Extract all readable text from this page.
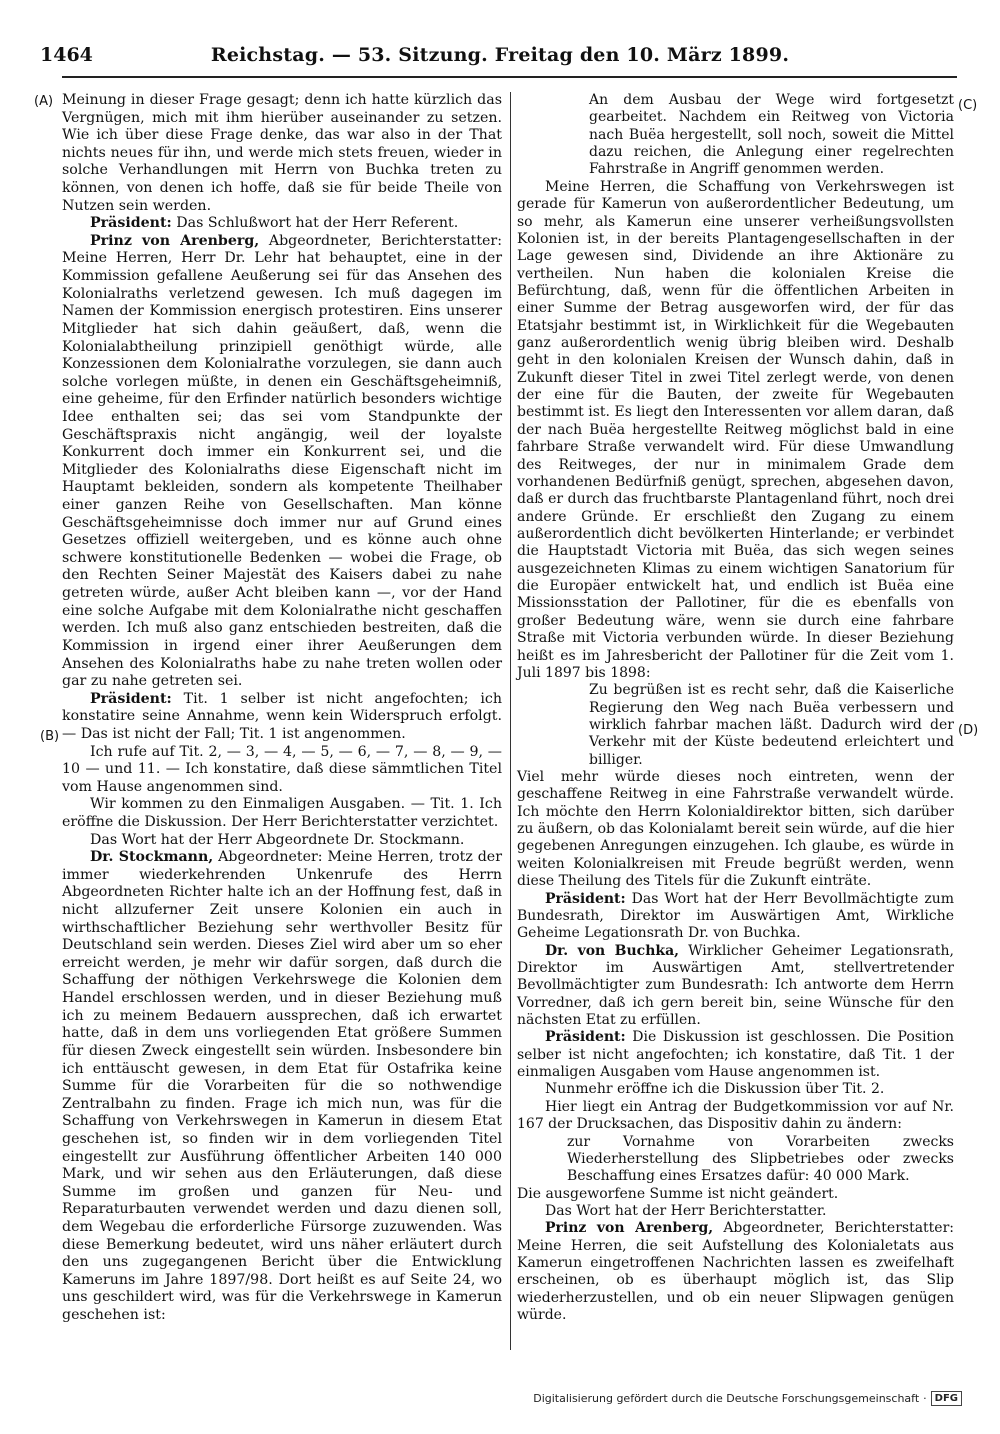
1464	Reichstag. — 53. Sitzung. Freitag den 10. März 1899.
(A)
(B)
(C)
(D)

Meinung in dieser Frage gesagt; denn ich hatte kürzlich das Vergnügen, mich mit ihm hierüber auseinander zu setzen. Wie ich über diese Frage denke, das war also in der That nichts neues für ihn, und werde mich stets freuen, wieder in solche Verhandlungen mit Herrn von Buchka treten zu können, von denen ich hoffe, daß sie für beide Theile von Nutzen sein werden.

Präsident: Das Schlußwort hat der Herr Referent.

Prinz von Arenberg, Abgeordneter, Berichterstatter: Meine Herren, Herr Dr. Lehr hat behauptet, eine in der Kommission gefallene Aeußerung sei für das Ansehen des Kolonialraths verletzend gewesen. Ich muß dagegen im Namen der Kommission energisch protestiren. Eins unserer Mitglieder hat sich dahin geäußert, daß, wenn die Kolonialabtheilung prinzipiell genöthigt würde, alle Konzessionen dem Kolonialrathe vorzulegen, sie dann auch solche vorlegen müßte, in denen ein Geschäftsgeheimniß, eine geheime, für den Erfinder natürlich besonders wichtige Idee enthalten sei; das sei vom Standpunkte der Geschäftspraxis nicht angängig, weil der loyalste Konkurrent doch immer ein Konkurrent sei, und die Mitglieder des Kolonialraths diese Eigenschaft nicht im Hauptamt bekleiden, sondern als kompetente Theilhaber einer ganzen Reihe von Gesellschaften. Man könne Geschäftsgeheimnisse doch immer nur auf Grund eines Gesetzes offiziell weitergeben, und es könne auch ohne schwere konstitutionelle Bedenken — wobei die Frage, ob den Rechten Seiner Majestät des Kaisers dabei zu nahe getreten würde, außer Acht bleiben kann —, vor der Hand eine solche Aufgabe mit dem Kolonialrathe nicht geschaffen werden. Ich muß also ganz entschieden bestreiten, daß die Kommission in irgend einer ihrer Aeußerungen dem Ansehen des Kolonialraths habe zu nahe treten wollen oder gar zu nahe getreten sei.

Präsident: Tit. 1 selber ist nicht angefochten; ich konstatire seine Annahme, wenn kein Widerspruch erfolgt. — Das ist nicht der Fall; Tit. 1 ist angenommen.

Ich rufe auf Tit. 2, — 3, — 4, — 5, — 6, — 7, — 8, — 9, — 10 — und 11. — Ich konstatire, daß diese sämmtlichen Titel vom Hause angenommen sind.

Wir kommen zu den Einmaligen Ausgaben. — Tit. 1. Ich eröffne die Diskussion. Der Herr Berichterstatter verzichtet.

Das Wort hat der Herr Abgeordnete Dr. Stockmann.

Dr. Stockmann, Abgeordneter: Meine Herren, trotz der immer wiederkehrenden Unkenrufe des Herrn Abgeordneten Richter halte ich an der Hoffnung fest, daß in nicht allzuferner Zeit unsere Kolonien ein auch in wirthschaftlicher Beziehung sehr werthvoller Besitz für Deutschland sein werden. Dieses Ziel wird aber um so eher erreicht werden, je mehr wir dafür sorgen, daß durch die Schaffung der nöthigen Verkehrswege die Kolonien dem Handel erschlossen werden, und in dieser Beziehung muß ich zu meinem Bedauern aussprechen, daß ich erwartet hatte, daß in dem uns vorliegenden Etat größere Summen für diesen Zweck eingestellt sein würden. Insbesondere bin ich enttäuscht gewesen, in dem Etat für Ostafrika keine Summe für die Vorarbeiten für die so nothwendige Zentralbahn zu finden. Frage ich mich nun, was für die Schaffung von Verkehrswegen in Kamerun in diesem Etat geschehen ist, so finden wir in dem vorliegenden Titel eingestellt zur Ausführung öffentlicher Arbeiten 140 000 Mark, und wir sehen aus den Erläuterungen, daß diese Summe im großen und ganzen für Neu- und Reparaturbauten verwendet werden und dazu dienen soll, dem Wegebau die erforderliche Fürsorge zuzuwenden. Was diese Bemerkung bedeutet, wird uns näher erläutert durch den uns zugegangenen Bericht über die Entwicklung Kameruns im Jahre 1897/98. Dort heißt es auf Seite 24, wo uns geschildert wird, was für die Verkehrswege in Kamerun geschehen ist:

An dem Ausbau der Wege wird fortgesetzt gearbeitet. Nachdem ein Reitweg von Victoria nach Buëa hergestellt, soll noch, soweit die Mittel dazu reichen, die Anlegung einer regelrechten Fahrstraße in Angriff genommen werden.

Meine Herren, die Schaffung von Verkehrswegen ist gerade für Kamerun von außerordentlicher Bedeutung, um so mehr, als Kamerun eine unserer verheißungsvollsten Kolonien ist, in der bereits Plantagengesellschaften in der Lage gewesen sind, Dividende an ihre Aktionäre zu vertheilen. Nun haben die kolonialen Kreise die Befürchtung, daß, wenn für die öffentlichen Arbeiten in einer Summe der Betrag ausgeworfen wird, der für das Etatsjahr bestimmt ist, in Wirklichkeit für die Wegebauten ganz außerordentlich wenig übrig bleiben wird. Deshalb geht in den kolonialen Kreisen der Wunsch dahin, daß in Zukunft dieser Titel in zwei Titel zerlegt werde, von denen der eine für die Bauten, der zweite für Wegebauten bestimmt ist. Es liegt den Interessenten vor allem daran, daß der nach Buëa hergestellte Reitweg möglichst bald in eine fahrbare Straße verwandelt wird. Für diese Umwandlung des Reitweges, der nur in minimalem Grade dem vorhandenen Bedürfniß genügt, sprechen, abgesehen davon, daß er durch das fruchtbarste Plantagenland führt, noch drei andere Gründe. Er erschließt den Zugang zu einem außerordentlich dicht bevölkerten Hinterlande; er verbindet die Hauptstadt Victoria mit Buëa, das sich wegen seines ausgezeichneten Klimas zu einem wichtigen Sanatorium für die Europäer entwickelt hat, und endlich ist Buëa eine Missionsstation der Pallotiner, für die es ebenfalls von großer Bedeutung wäre, wenn sie durch eine fahrbare Straße mit Victoria verbunden würde. In dieser Beziehung heißt es im Jahresbericht der Pallotiner für die Zeit vom 1. Juli 1897 bis 1898:

Zu begrüßen ist es recht sehr, daß die Kaiserliche Regierung den Weg nach Buëa verbessern und wirklich fahrbar machen läßt. Dadurch wird der Verkehr mit der Küste bedeutend erleichtert und billiger.

Viel mehr würde dieses noch eintreten, wenn der geschaffene Reitweg in eine Fahrstraße verwandelt würde. Ich möchte den Herrn Kolonialdirektor bitten, sich darüber zu äußern, ob das Kolonialamt bereit sein würde, auf die hier gegebenen Anregungen einzugehen. Ich glaube, es würde in weiten Kolonialkreisen mit Freude begrüßt werden, wenn diese Theilung des Titels für die Zukunft einträte.

Präsident: Das Wort hat der Herr Bevollmächtigte zum Bundesrath, Direktor im Auswärtigen Amt, Wirkliche Geheime Legationsrath Dr. von Buchka.

Dr. von Buchka, Wirklicher Geheimer Legationsrath, Direktor im Auswärtigen Amt, stellvertretender Bevollmächtigter zum Bundesrath: Ich antworte dem Herrn Vorredner, daß ich gern bereit bin, seine Wünsche für den nächsten Etat zu erfüllen.

Präsident: Die Diskussion ist geschlossen. Die Position selber ist nicht angefochten; ich konstatire, daß Tit. 1 der einmaligen Ausgaben vom Hause angenommen ist.

Nunmehr eröffne ich die Diskussion über Tit. 2.

Hier liegt ein Antrag der Budgetkommission vor auf Nr. 167 der Drucksachen, das Dispositiv dahin zu ändern:

zur Vornahme von Vorarbeiten zwecks Wiederherstellung des Slipbetriebes oder zwecks Beschaffung eines Ersatzes dafür: 40 000 Mark.

Die ausgeworfene Summe ist nicht geändert.

Das Wort hat der Herr Berichterstatter.

Prinz von Arenberg, Abgeordneter, Berichterstatter: Meine Herren, die seit Aufstellung des Kolonialetats aus Kamerun eingetroffenen Nachrichten lassen es zweifelhaft erscheinen, ob es überhaupt möglich ist, das Slip wiederherzustellen, und ob ein neuer Slipwagen genügen würde.

Digitalisierung gefördert durch die Deutsche Forschungsgemeinschaft · DFG
